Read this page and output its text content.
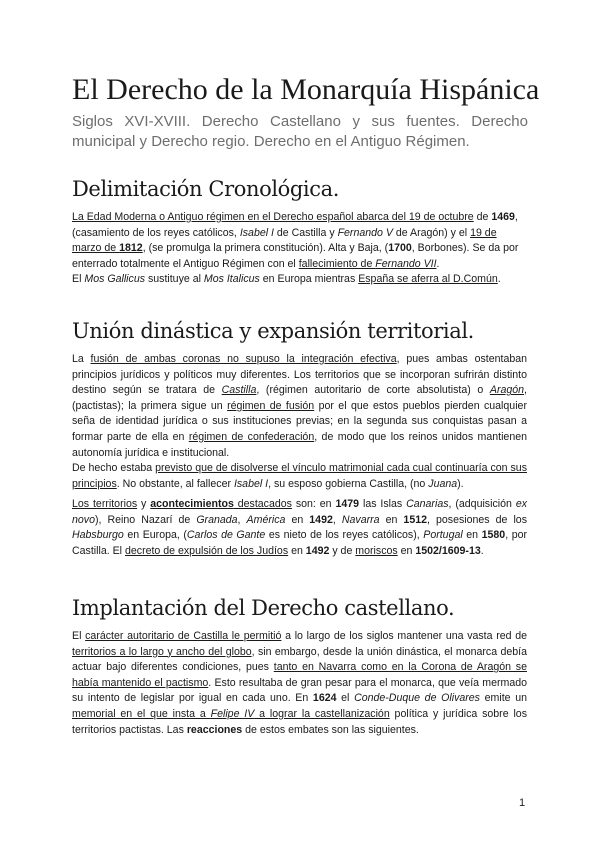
El Derecho de la Monarquía Hispánica

Siglos XVI-XVIII. Derecho Castellano y sus fuentes. Derecho municipal y Derecho regio. Derecho en el Antiguo Régimen.

Delimitación Cronológica.

La Edad Moderna o Antiguo régimen en el Derecho español abarca del 19 de octubre de 1469, (casamiento de los reyes católicos, Isabel I de Castilla y Fernando V de Aragón) y el 19 de marzo de 1812, (se promulga la primera constitución). Alta y Baja, (1700, Borbones). Se da por enterrado totalmente el Antiguo Régimen con el fallecimiento de Fernando VII.
El Mos Gallicus sustituye al Mos Italicus en Europa mientras España se aferra al D.Común.

Unión dinástica y expansión territorial.

La fusión de ambas coronas no supuso la integración efectiva, pues ambas ostentaban principios jurídicos y políticos muy diferentes. Los territorios que se incorporan sufrirán distinto destino según se tratara de Castilla, (régimen autoritario de corte absolutista) o Aragón, (pactistas); la primera sigue un régimen de fusión por el que estos pueblos pierden cualquier seña de identidad jurídica o sus instituciones previas; en la segunda sus conquistas pasan a formar parte de ella en régimen de confederación, de modo que los reinos unidos mantienen autonomía jurídica e institucional.
De hecho estaba previsto que de disolverse el vínculo matrimonial cada cual continuaría con sus principios. No obstante, al fallecer Isabel I, su esposo gobierna Castilla, (no Juana).

Los territorios y acontecimientos destacados son: en 1479 las Islas Canarias, (adquisición ex novo), Reino Nazarí de Granada, América en 1492, Navarra en 1512, posesiones de los Habsburgo en Europa, (Carlos de Gante es nieto de los reyes católicos), Portugal en 1580, por Castilla. El decreto de expulsión de los Judíos en 1492 y de moriscos en 1502/1609-13.

Implantación del Derecho castellano.

El carácter autoritario de Castilla le permitió a lo largo de los siglos mantener una vasta red de territorios a lo largo y ancho del globo, sin embargo, desde la unión dinástica, el monarca debía actuar bajo diferentes condiciones, pues tanto en Navarra como en la Corona de Aragón se había mantenido el pactismo. Esto resultaba de gran pesar para el monarca, que veía mermado su intento de legislar por igual en cada uno. En 1624 el Conde-Duque de Olivares emite un memorial en el que insta a Felipe IV a lograr la castellanización política y jurídica sobre los territorios pactistas. Las reacciones de estos embates son las siguientes.

1
